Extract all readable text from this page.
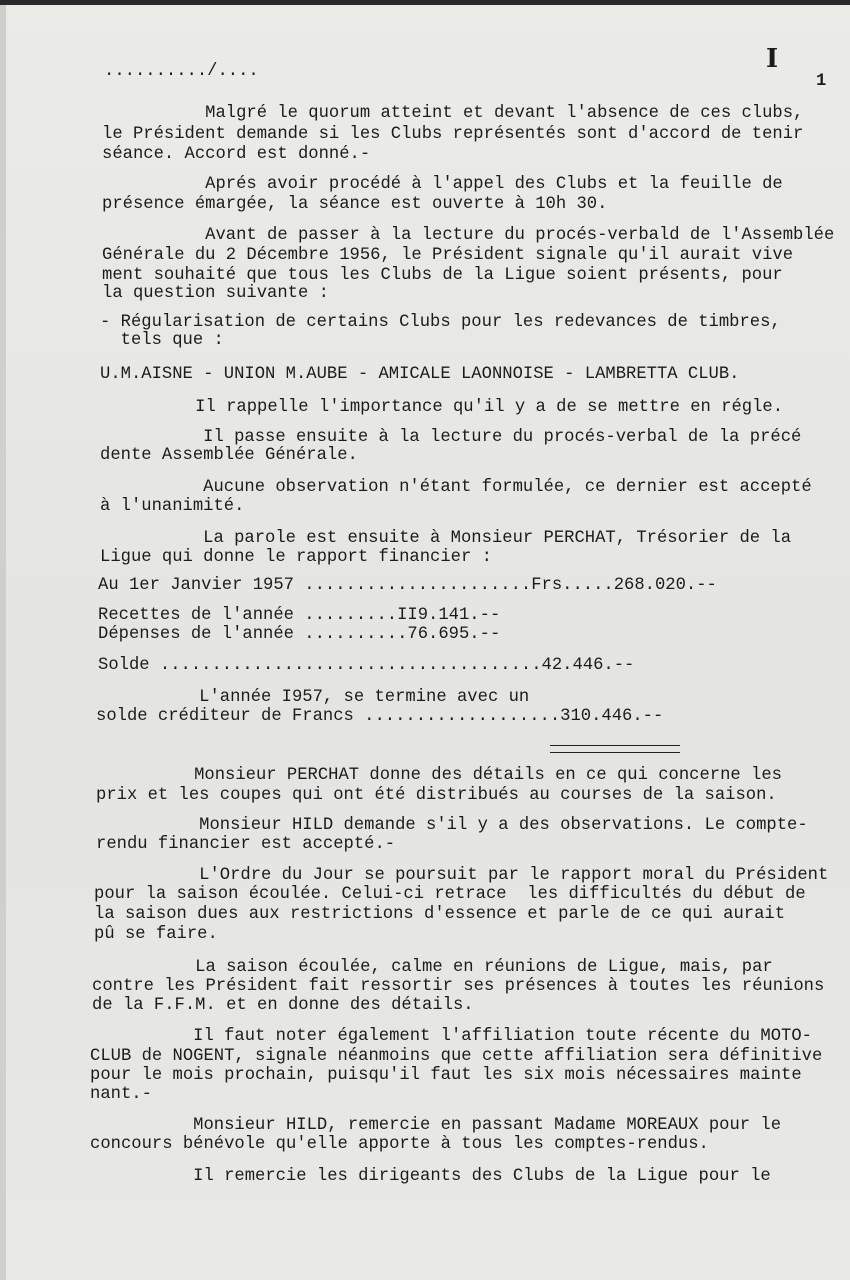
........../....	I
1
Malgré le quorum atteint et devant l'absence de ces clubs,
le Président demande si les Clubs représentés sont d'accord de tenir
séance. Accord est donné.-
Aprés avoir procédé à l'appel des Clubs et la feuille de
présence émargée, la séance est ouverte à 10h 30.
Avant de passer à la lecture du procés-verbald de l'Assemblée
Générale du 2 Décembre 1956, le Président signale qu'il aurait vive
ment souhaité que tous les Clubs de la Ligue soient présents, pour
la question suivante :
- Régularisation de certains Clubs pour les redevances de timbres,
tels que :
U.M.AISNE - UNION M.AUBE - AMICALE LAONNOISE - LAMBRETTA CLUB.
Il rappelle l'importance qu'il y a de se mettre en régle.
Il passe ensuite à la lecture du procés-verbal de la précé
dente Assemblée Générale.
Aucune observation n'étant formulée, ce dernier est accepté
à l'unanimité.
La parole est ensuite à Monsieur PERCHAT, Trésorier de la
Ligue qui donne le rapport financier :
Au 1er Janvier 1957 ......................Frs.....268.020.--
Recettes de l'année .........II9.141.--
Dépenses de l'année ..........76.695.--
Solde .....................................42.446.--
L'année I957, se termine avec un
solde créditeur de Francs ...................310.446.--
Monsieur PERCHAT donne des détails en ce qui concerne les
prix et les coupes qui ont été distribués au courses de la saison.
Monsieur HILD demande s'il y a des observations. Le compte-
rendu financier est accepté.-
L'Ordre du Jour se poursuit par le rapport moral du Président
pour la saison écoulée. Celui-ci retrace  les difficultés du début de
la saison dues aux restrictions d'essence et parle de ce qui aurait
pû se faire.
La saison écoulée, calme en réunions de Ligue, mais, par
contre les Président fait ressortir ses présences à toutes les réunions
de la F.F.M. et en donne des détails.
Il faut noter également l'affiliation toute récente du MOTO-
CLUB de NOGENT, signale néanmoins que cette affiliation sera définitive
pour le mois prochain, puisqu'il faut les six mois nécessaires mainte
nant.-
Monsieur HILD, remercie en passant Madame MOREAUX pour le
concours bénévole qu'elle apporte à tous les comptes-rendus.
Il remercie les dirigeants des Clubs de la Ligue pour le
